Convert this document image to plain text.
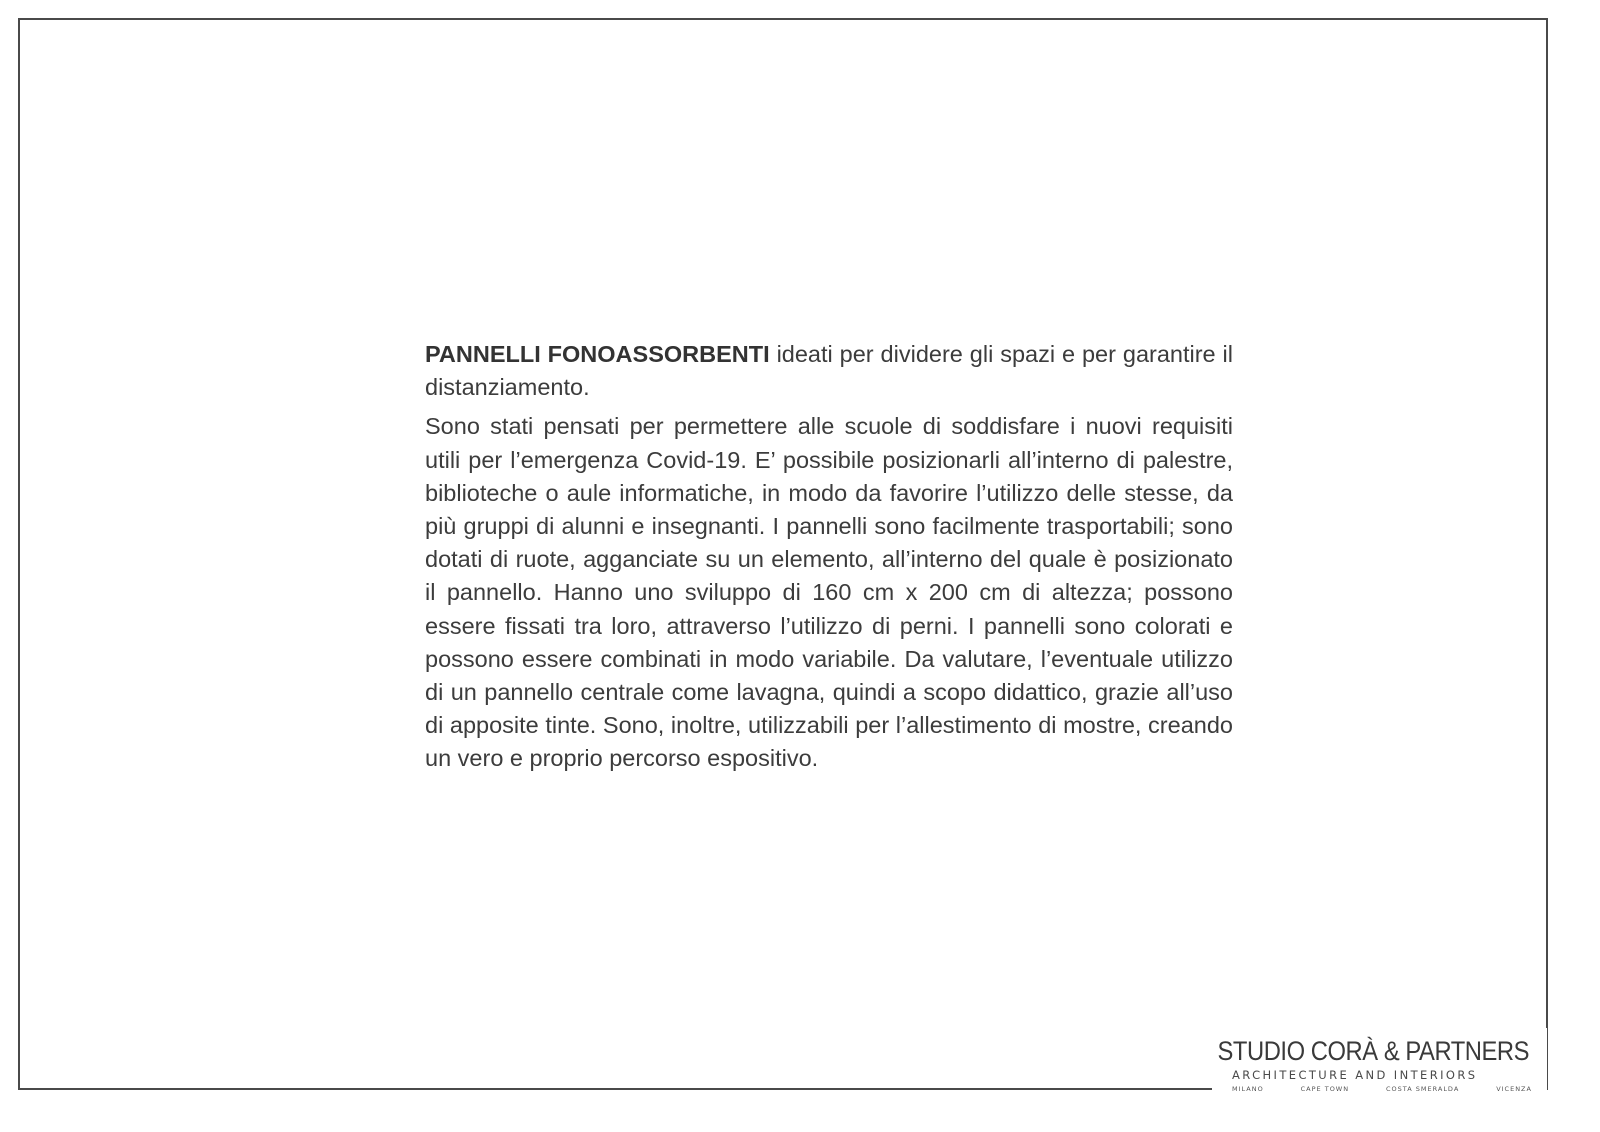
PANNELLI FONOASSORBENTI ideati per dividere gli spazi e per garantire il distanziamento.

Sono stati pensati per permettere alle scuole di soddisfare i nuovi requisiti utili per l’emergenza Covid-19. E’ possibile posizionarli all’interno di palestre, biblioteche o aule informatiche, in modo da favorire l’utilizzo delle stesse, da più gruppi di alunni e insegnanti. I pannelli sono facilmente trasportabili; sono dotati di ruote, agganciate su un elemento, all’interno del quale è posizionato il pannello. Hanno uno sviluppo di 160 cm x 200 cm di altezza; possono essere fissati tra loro, attraverso l’utilizzo di perni. I pannelli sono colorati e possono essere combinati in modo variabile. Da valutare, l’eventuale utilizzo di un pannello centrale come lavagna, quindi a scopo didattico, grazie all’uso di apposite tinte. Sono, inoltre, utilizzabili per l’allestimento di mostre, creando un vero e proprio percorso espositivo.

STUDIO CORÀ & PARTNERS
ARCHITECTURE AND INTERIORS
MILANO	CAPE TOWN	COSTA SMERALDA	VICENZA
